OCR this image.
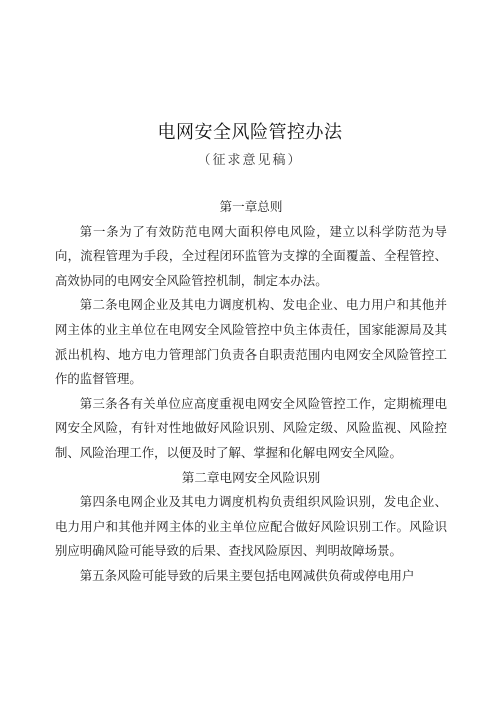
电网安全风险管控办法
（征求意见稿）

第一章总则

第一条为了有效防范电网大面积停电风险，建立以科学防范为导向，流程管理为手段，全过程闭环监管为支撑的全面覆盖、全程管控、高效协同的电网安全风险管控机制，制定本办法。

第二条电网企业及其电力调度机构、发电企业、电力用户和其他并网主体的业主单位在电网安全风险管控中负主体责任，国家能源局及其派出机构、地方电力管理部门负责各自职责范围内电网安全风险管控工作的监督管理。

第三条各有关单位应高度重视电网安全风险管控工作，定期梳理电网安全风险，有针对性地做好风险识别、风险定级、风险监视、风险控制、风险治理工作，以便及时了解、掌握和化解电网安全风险。

第二章电网安全风险识别

第四条电网企业及其电力调度机构负责组织风险识别，发电企业、电力用户和其他并网主体的业主单位应配合做好风险识别工作。风险识别应明确风险可能导致的后果、查找风险原因、判明故障场景。

第五条风险可能导致的后果主要包括电网减供负荷或停电用户
